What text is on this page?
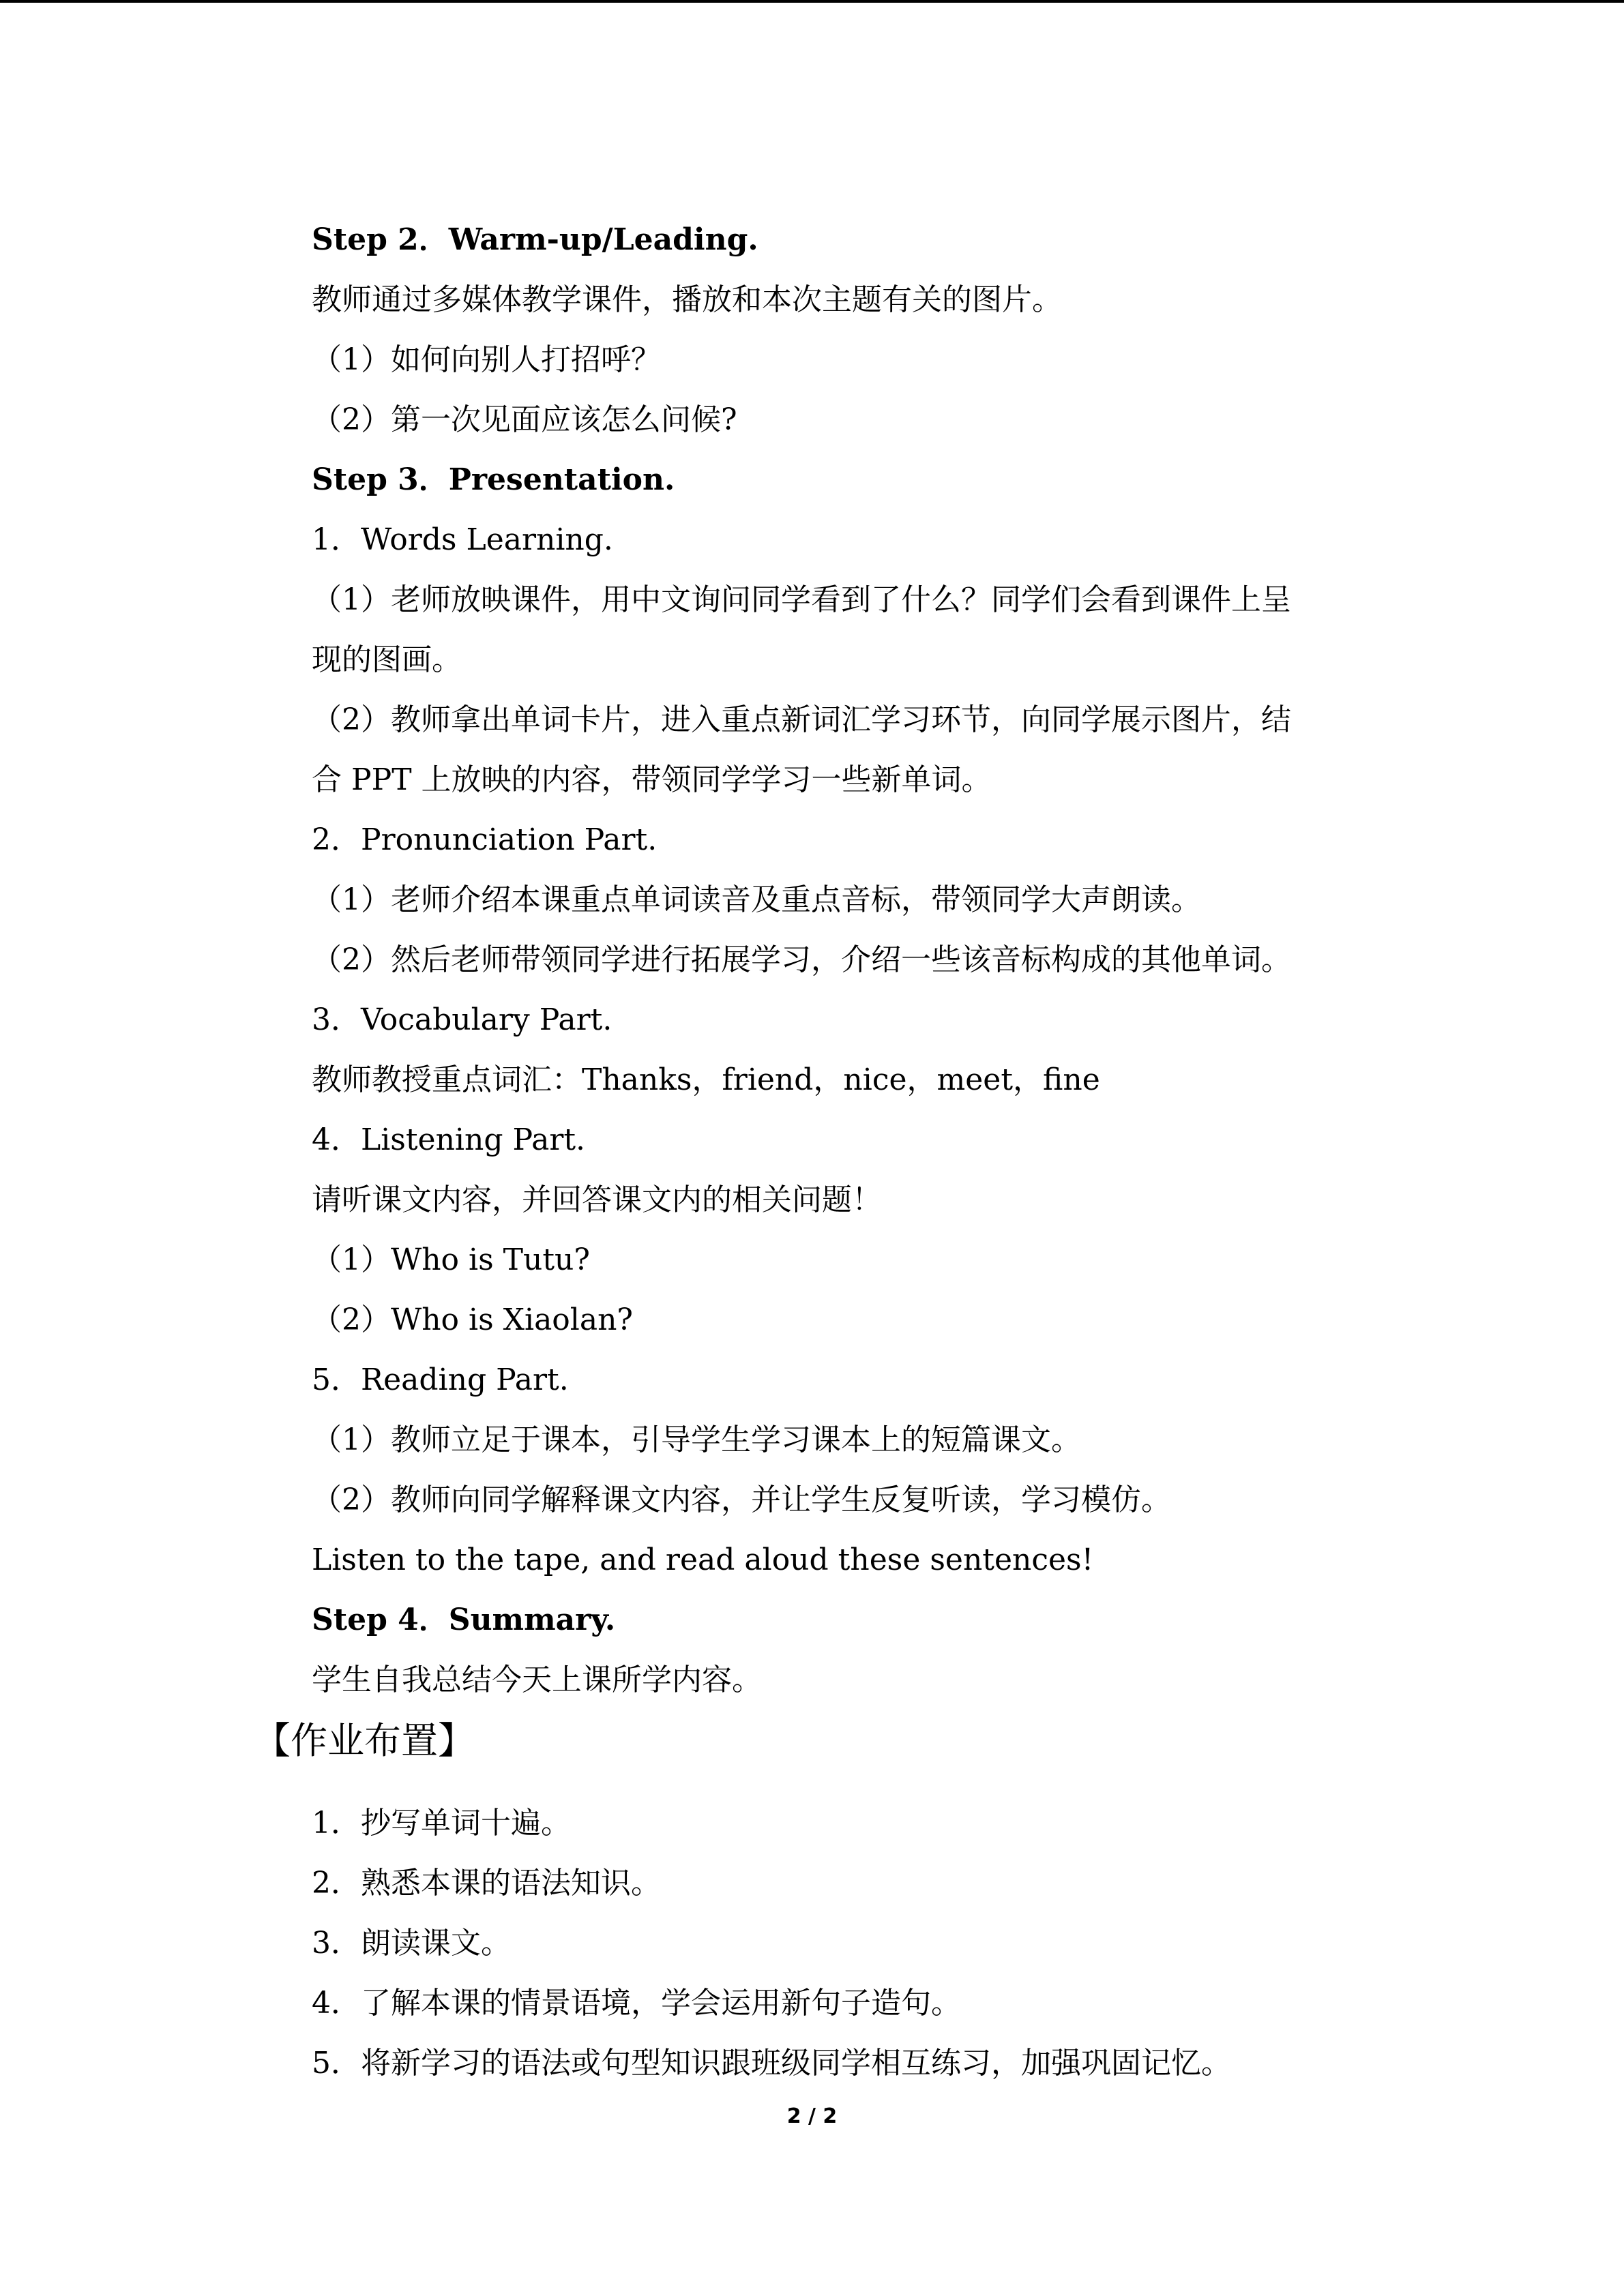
Step 2．Warm-up/Leading.
教师通过多媒体教学课件，播放和本次主题有关的图片。
（1）如何向别人打招呼？
（2）第一次见面应该怎么问候?
Step 3．Presentation.
1．Words Learning.
（1）老师放映课件，用中文询问同学看到了什么？同学们会看到课件上呈
现的图画。
（2）教师拿出单词卡片，进入重点新词汇学习环节，向同学展示图片，结
合 PPT 上放映的内容，带领同学学习一些新单词。
2．Pronunciation Part.
（1）老师介绍本课重点单词读音及重点音标，带领同学大声朗读。
（2）然后老师带领同学进行拓展学习，介绍一些该音标构成的其他单词。
3．Vocabulary Part.
教师教授重点词汇：Thanks，friend，nice，meet，fine
4．Listening Part.
请听课文内容，并回答课文内的相关问题！
（1）Who is Tutu?
（2）Who is Xiaolan?
5．Reading Part.
（1）教师立足于课本，引导学生学习课本上的短篇课文。
（2）教师向同学解释课文内容，并让学生反复听读，学习模仿。
Listen to the tape, and read aloud these sentences!
Step 4．Summary.
学生自我总结今天上课所学内容。
【作业布置】
1．抄写单词十遍。
2．熟悉本课的语法知识。
3．朗读课文。
4．了解本课的情景语境，学会运用新句子造句。
5．将新学习的语法或句型知识跟班级同学相互练习，加强巩固记忆。
2 / 2
